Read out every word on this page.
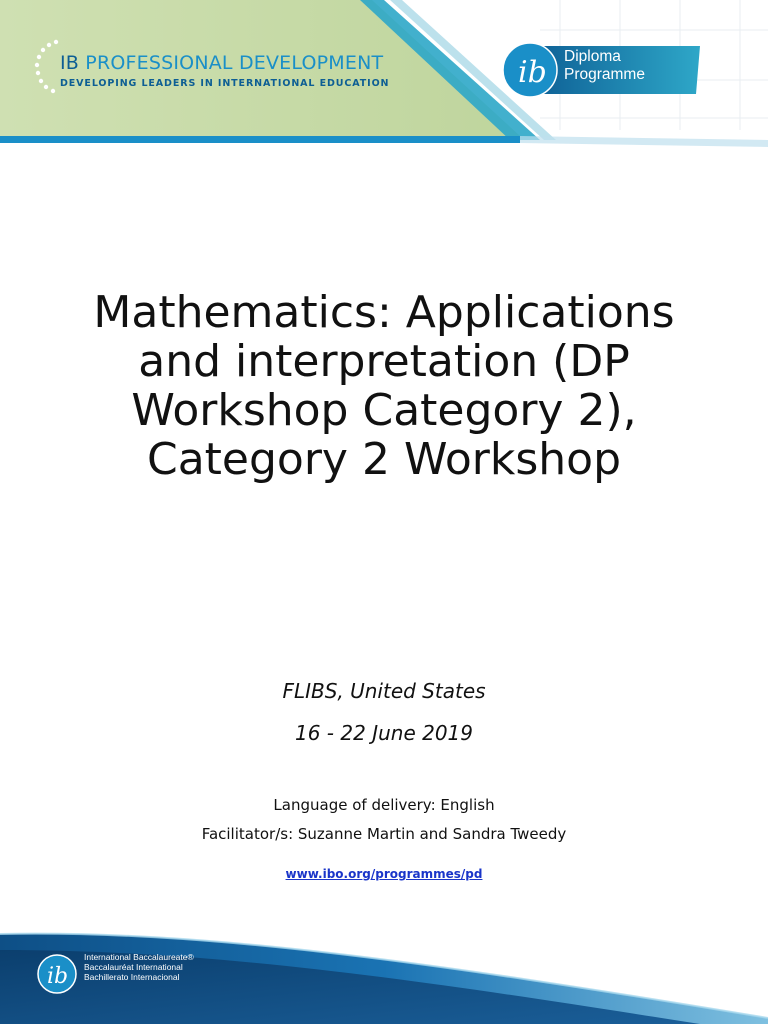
IB PROFESSIONAL DEVELOPMENT
DEVELOPING LEADERS IN INTERNATIONAL EDUCATION	ib Diploma
Programme
Mathematics: Applications and interpretation (DP Workshop Category 2), Category 2 Workshop
FLIBS, United States
16 - 22 June 2019
Language of delivery: English
Facilitator/s: Suzanne Martin and Sandra Tweedy
www.ibo.org/programmes/pd
ib
International Baccalaureate®
Baccalauréat International
Bachillerato Internacional
